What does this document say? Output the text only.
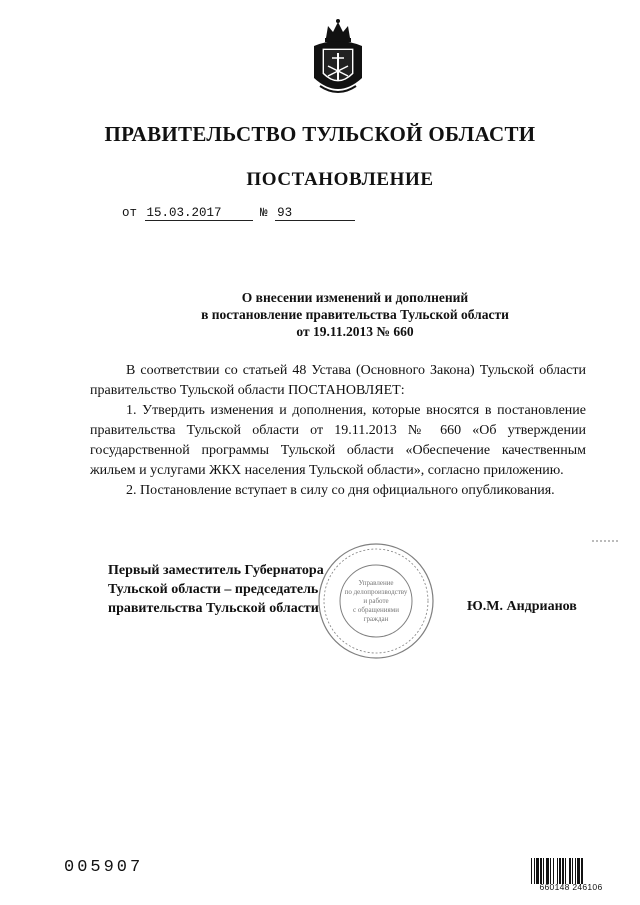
ПРАВИТЕЛЬСТВО ТУЛЬСКОЙ ОБЛАСТИ
ПОСТАНОВЛЕНИЕ
от 15.03.2017	№ 93
О внесении изменений и дополнений
в постановление правительства Тульской области
от 19.11.2013 № 660

В соответствии со статьей 48 Устава (Основного Закона) Тульской области правительство Тульской области ПОСТАНОВЛЯЕТ:

1. Утвердить изменения и дополнения, которые вносятся в постановление правительства Тульской области от 19.11.2013 № 660 «Об утверждении государственной программы Тульской области «Обеспечение качественным жильем и услугами ЖКХ населения Тульской области», согласно приложению.

2. Постановление вступает в силу со дня официального опубликования.

Управление
по делопроизводству
и работе
с обращениями
граждан
Первый заместитель Губернатора
Тульской области – председатель
правительства Тульской области	Ю.М. Андрианов
005907
660148 246106
